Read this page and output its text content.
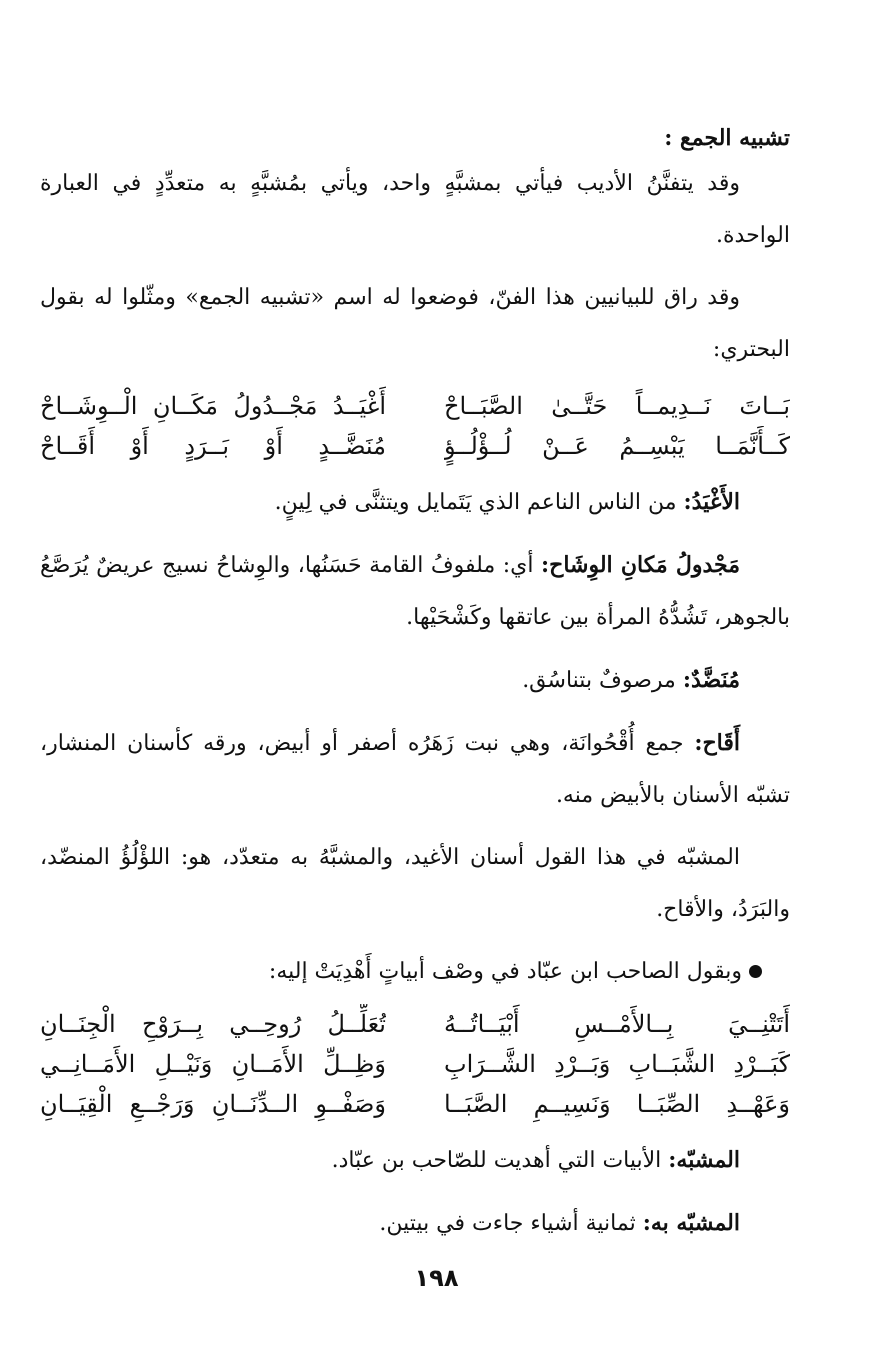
تشبيه الجمع :

وقد يتفنَّنُ الأديب فيأتي بمشبَّهٍ واحد، ويأتي بمُشبَّهٍ به متعدِّدٍ في العبارة الواحدة.

وقد راق للبيانيين هذا الفنّ، فوضعوا له اسم «تشبيه الجمع» ومثّلوا له بقول البحتري:

بَــاتَ نَــدِيمــاً حَتَّــىٰ الصَّبَــاحْ
أَغْيَــدُ مَجْــدُولُ مَكَــانِ الْــوِشَــاحْ
كَــأَنَّمَــا يَبْسِــمُ عَــنْ لُــؤْلُــؤٍ
مُنَضَّــدٍ أَوْ بَــرَدٍ أَوْ أَقَــاحْ

الأَغْيَدُ: من الناس الناعم الذي يَتَمايل ويتثنَّى في لِينٍ.

مَجْدولُ مَكانِ الوِشَاح: أي: ملفوفُ القامة حَسَنُها، والوِشاحُ نسيج عريضٌ يُرَصَّعُ بالجوهر، تَشُدُّهُ المرأة بين عاتقها وكَشْحَيْها.

مُنَضَّدٌ: مرصوفٌ بتناسُق.

أَقَاح: جمع أُقْحُوانَة، وهي نبت زَهَرُه أصفر أو أبيض، ورقه كأسنان المنشار، تشبّه الأسنان بالأبيض منه.

المشبّه في هذا القول أسنان الأغيد، والمشبَّهُ به متعدّد، هو: اللؤْلُؤُ المنضّد، والبَرَدُ، والأقاح.

وبقول الصاحب ابن عبّاد في وصْف أبياتٍ أَهْدِيَتْ إليه:

أَتَتْنِــيَ بِــالأَمْــسِ أَبْيَــاتُــهُ
تُعَلِّــلُ رُوحِــي بِــرَوْحِ الْجِنَــانِ
كَبَــرْدِ الشَّبَــابِ وَبَــرْدِ الشَّــرَابِ
وَظِــلِّ الأَمَــانِ وَنَيْــلِ الأَمَــانِــي
وَعَهْــدِ الصِّبَــا وَنَسِيــمِ الصَّبَــا
وَصَفْــوِ الــدِّنَــانِ وَرَجْــعِ الْقِيَــانِ

المشبّه: الأبيات التي أهديت للصّاحب بن عبّاد.

المشبّه به: ثمانية أشياء جاءت في بيتين.

١٩٨
